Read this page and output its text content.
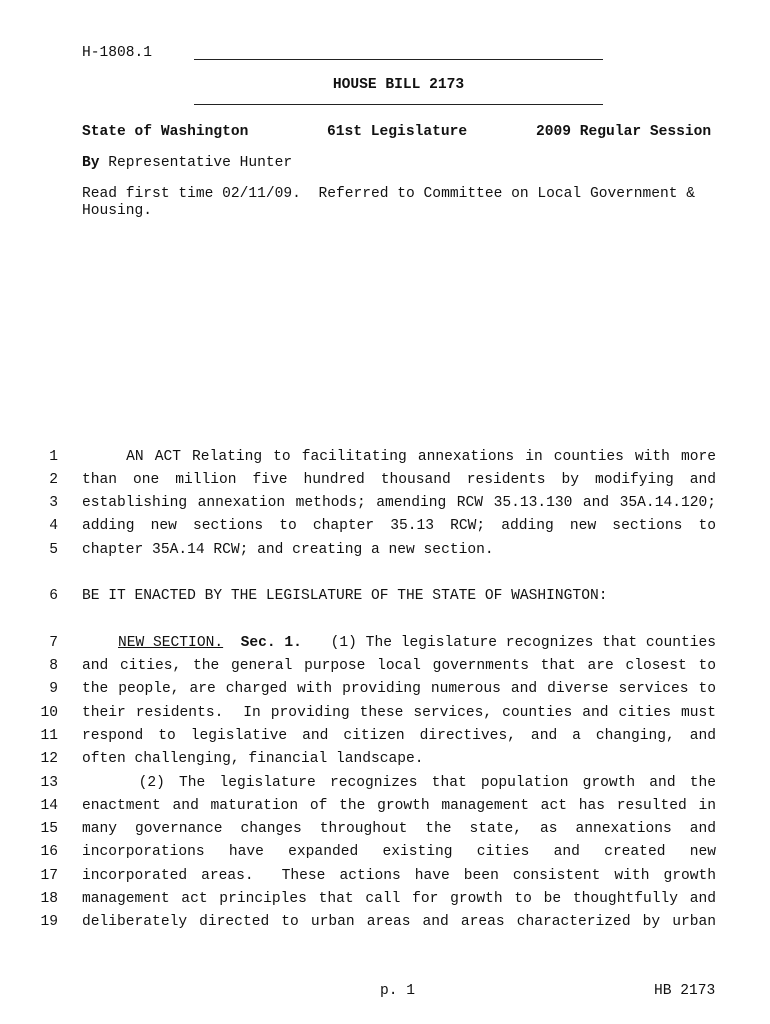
H-1808.1
HOUSE BILL 2173
State of Washington	61st Legislature	2009 Regular Session
By Representative Hunter
Read first time 02/11/09.  Referred to Committee on Local Government &
Housing.
1 AN ACT Relating to facilitating annexations in counties with more
2 than one million five hundred thousand residents by modifying and
3 establishing annexation methods; amending RCW 35.13.130 and 35A.14.120;
4 adding new sections to chapter 35.13 RCW; adding new sections to
5 chapter 35A.14 RCW; and creating a new section.
6 BE IT ENACTED BY THE LEGISLATURE OF THE STATE OF WASHINGTON:
7	NEW SECTION. Sec. 1. (1) The legislature recognizes that counties
8 and cities, the general purpose local governments that are closest to
9 the people, are charged with providing numerous and diverse services to
10 their residents.  In providing these services, counties and cities must
11 respond to legislative and citizen directives, and a changing, and
12 often challenging, financial landscape.
13 (2) The legislature recognizes that population growth and the
14 enactment and maturation of the growth management act has resulted in
15 many governance changes throughout the state, as annexations and
16 incorporations have expanded existing cities and created new
17 incorporated areas.  These actions have been consistent with growth
18 management act principles that call for growth to be thoughtfully and
19 deliberately directed to urban areas and areas characterized by urban
p. 1	HB 2173
